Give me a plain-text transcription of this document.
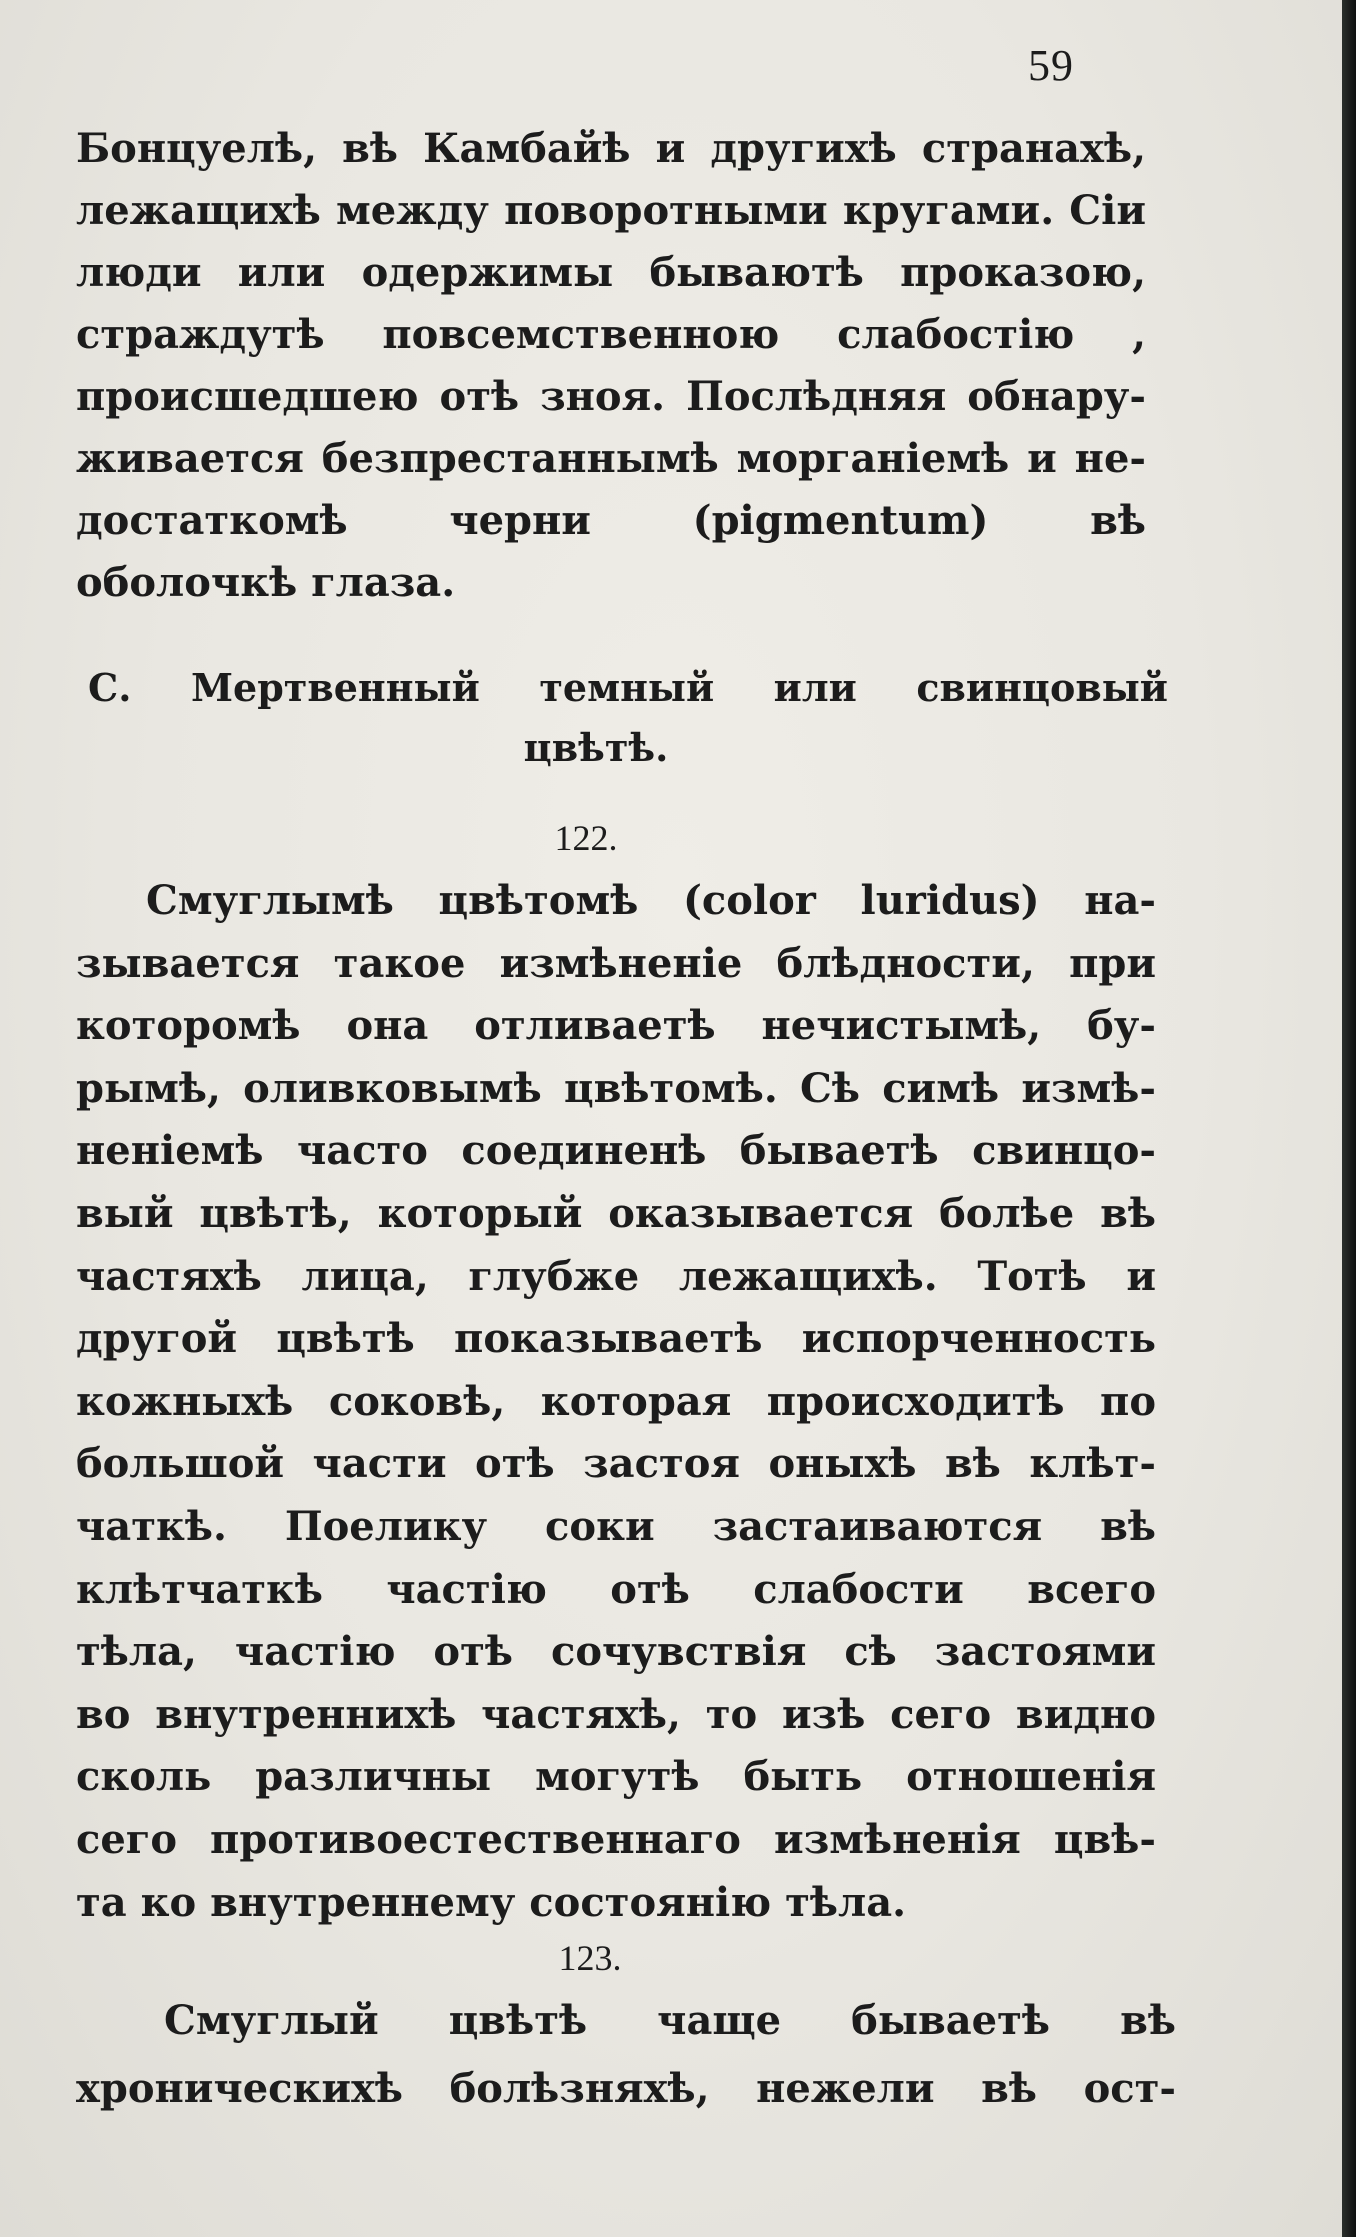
59
Бонцуелѣ, вѣ Камбайѣ и другихѣ странахѣ,
лежащихѣ между поворотными кругами. Сіи
люди или одержимы бываютѣ проказою,
страждутѣ повсемственною слабостію ,
происшедшею отѣ зноя. Послѣдняя обнару-
живается безпрестаннымѣ морганіемѣ и не-
достаткомѣ черни (pigmentum) вѣ
оболочкѣ глаза.
С. Мертвенный темный или свинцовый
цвѣтѣ.
122.
Смуглымѣ цвѣтомѣ (color luridus) на-
зывается такое измѣненіе блѣдности, при
которомѣ она отливаетѣ нечистымѣ, бу-
рымѣ, оливковымѣ цвѣтомѣ. Сѣ симѣ измѣ-
неніемѣ часто соединенѣ бываетѣ свинцо-
вый цвѣтѣ, который оказывается болѣе вѣ
частяхѣ лица, глубже лежащихѣ. Тотѣ и
другой цвѣтѣ показываетѣ испорченность
кожныхѣ соковѣ, которая происходитѣ по
большой части отѣ застоя оныхѣ вѣ клѣт-
чаткѣ. Поелику соки застаиваются вѣ
клѣтчаткѣ частію отѣ слабости всего
тѣла, частію отѣ сочувствія сѣ застоями
во внутреннихѣ частяхѣ, то изѣ сего видно
сколь различны могутѣ быть отношенія
сего противоестественнаго измѣненія цвѣ-
та ко внутреннему состоянію тѣла.
123.
Смуглый цвѣтѣ чаще бываетѣ вѣ
хроническихѣ болѣзняхѣ, нежели вѣ ост-
